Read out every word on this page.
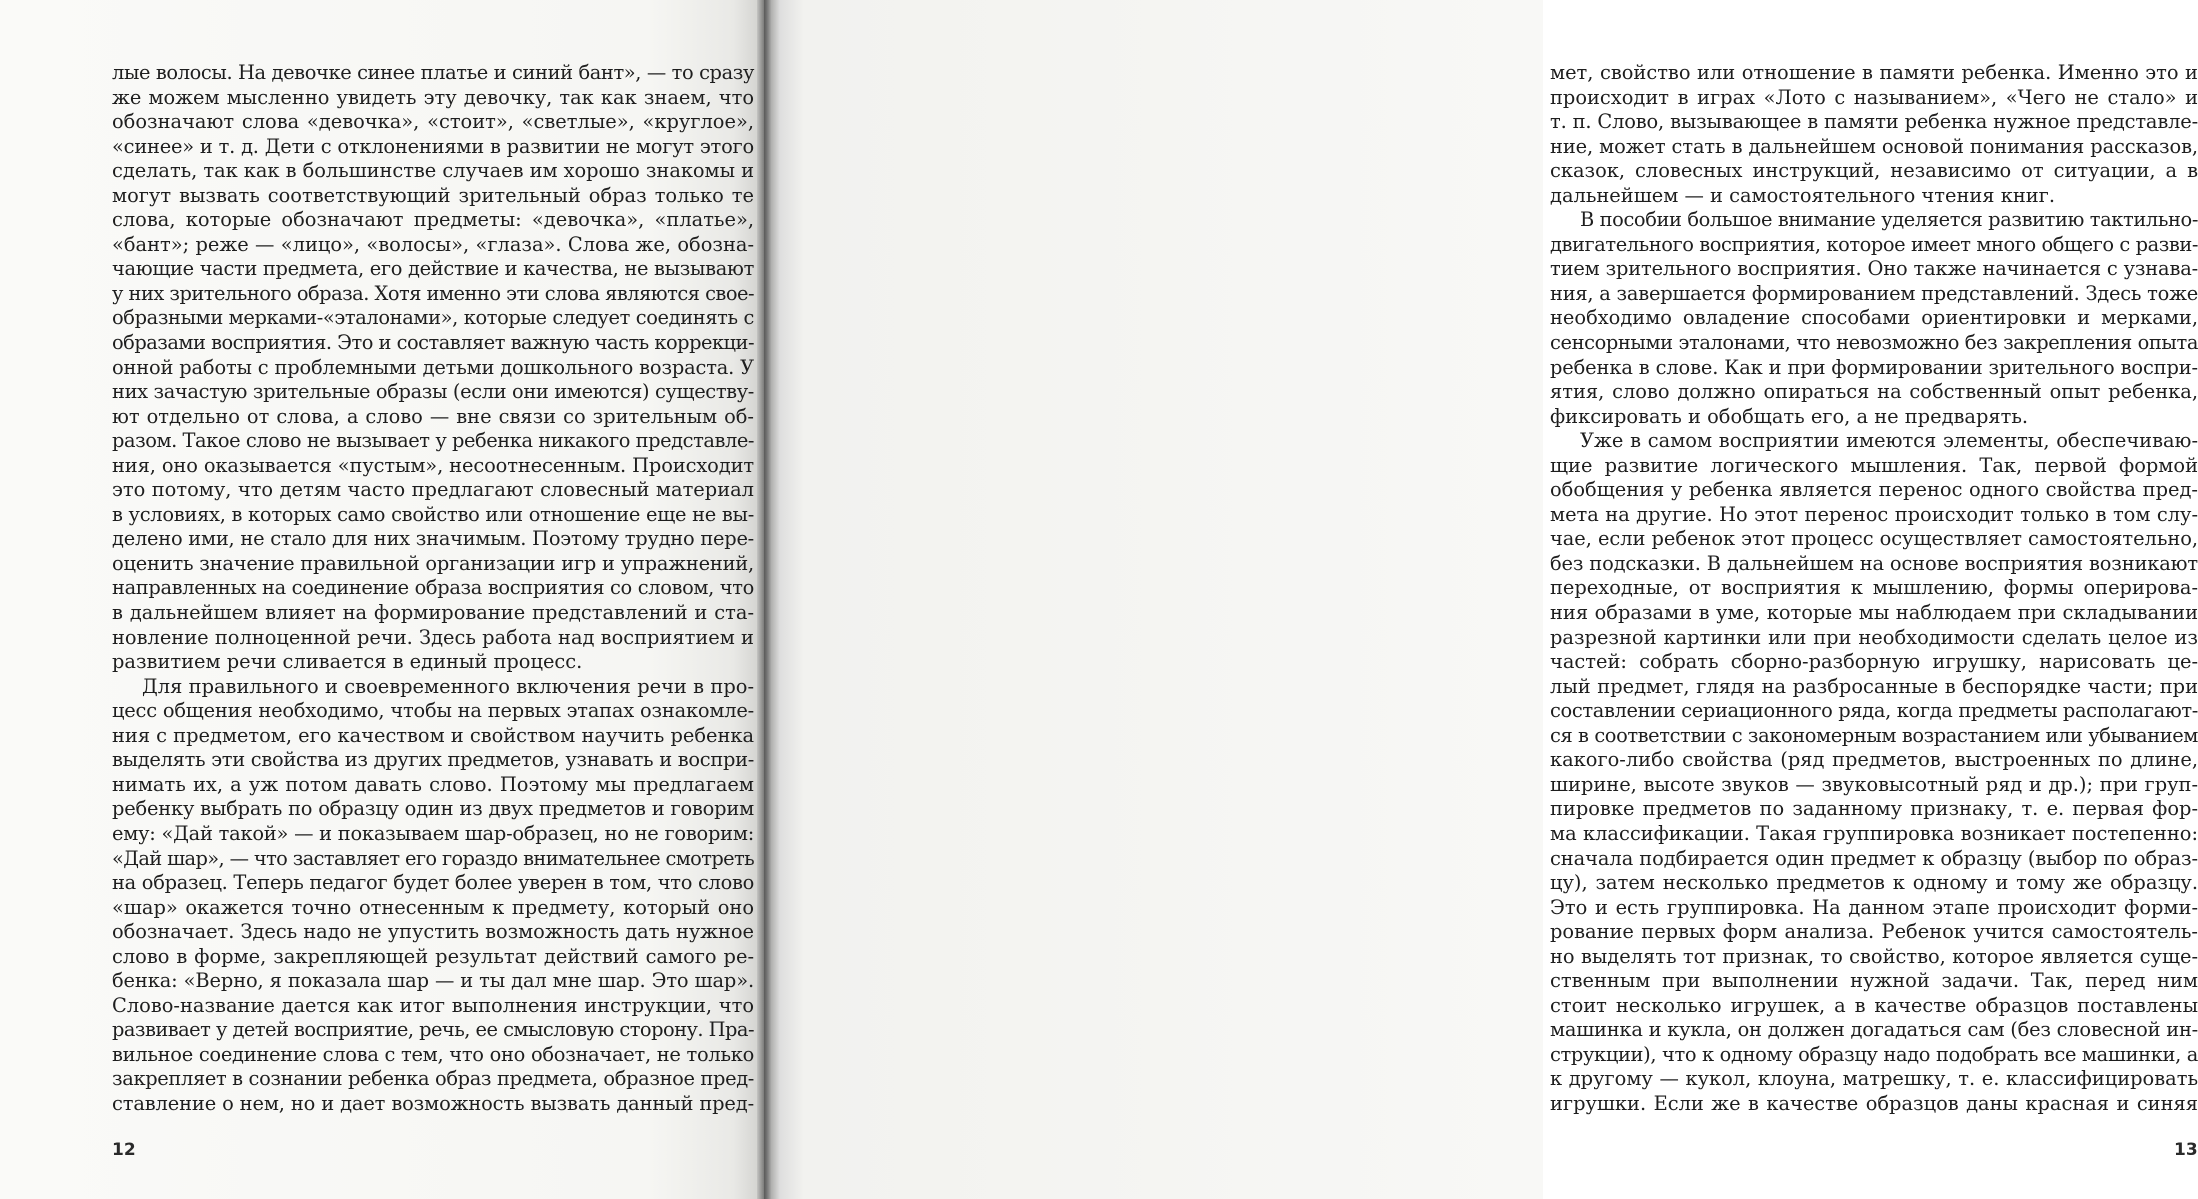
лые волосы. На девочке синее платье и синий бант», — то сразу
же можем мысленно увидеть эту девочку, так как знаем, что
обозначают слова «девочка», «стоит», «светлые», «круглое»,
«синее» и т. д. Дети с отклонениями в развитии не могут этого
сделать, так как в большинстве случаев им хорошо знакомы и
могут вызвать соответствующий зрительный образ только те
слова, которые обозначают предметы: «девочка», «платье»,
«бант»; реже — «лицо», «волосы», «глаза». Слова же, обозна-
чающие части предмета, его действие и качества, не вызывают
у них зрительного образа. Хотя именно эти слова являются свое-
образными мерками-«эталонами», которые следует соединять с
образами восприятия. Это и составляет важную часть коррекци-
онной работы с проблемными детьми дошкольного возраста. У
них зачастую зрительные образы (если они имеются) существу-
ют отдельно от слова, а слово — вне связи со зрительным об-
разом. Такое слово не вызывает у ребенка никакого представле-
ния, оно оказывается «пустым», несоотнесенным. Происходит
это потому, что детям часто предлагают словесный материал
в условиях, в которых само свойство или отношение еще не вы-
делено ими, не стало для них значимым. Поэтому трудно пере-
оценить значение правильной организации игр и упражнений,
направленных на соединение образа восприятия со словом, что
в дальнейшем влияет на формирование представлений и ста-
новление полноценной речи. Здесь работа над восприятием и
развитием речи сливается в единый процесс.
Для правильного и своевременного включения речи в про-
цесс общения необходимо, чтобы на первых этапах ознакомле-
ния с предметом, его качеством и свойством научить ребенка
выделять эти свойства из других предметов, узнавать и воспри-
нимать их, а уж потом давать слово. Поэтому мы предлагаем
ребенку выбрать по образцу один из двух предметов и говорим
ему: «Дай такой» — и показываем шар-образец, но не говорим:
«Дай шар», — что заставляет его гораздо внимательнее смотреть
на образец. Теперь педагог будет более уверен в том, что слово
«шар» окажется точно отнесенным к предмету, который оно
обозначает. Здесь надо не упустить возможность дать нужное
слово в форме, закрепляющей результат действий самого ре-
бенка: «Верно, я показала шар — и ты дал мне шар. Это шар».
Слово-название дается как итог выполнения инструкции, что
развивает у детей восприятие, речь, ее смысловую сторону. Пра-
вильное соединение слова с тем, что оно обозначает, не только
закрепляет в сознании ребенка образ предмета, образное пред-
ставление о нем, но и дает возможность вызвать данный пред-
12
мет, свойство или отношение в памяти ребенка. Именно это и
происходит в играх «Лото с называнием», «Чего не стало» и
т. п. Слово, вызывающее в памяти ребенка нужное представле-
ние, может стать в дальнейшем основой понимания рассказов,
сказок, словесных инструкций, независимо от ситуации, а в
дальнейшем — и самостоятельного чтения книг.
В пособии большое внимание уделяется развитию тактильно-
двигательного восприятия, которое имеет много общего с разви-
тием зрительного восприятия. Оно также начинается с узнава-
ния, а завершается формированием представлений. Здесь тоже
необходимо овладение способами ориентировки и мерками,
сенсорными эталонами, что невозможно без закрепления опыта
ребенка в слове. Как и при формировании зрительного воспри-
ятия, слово должно опираться на собственный опыт ребенка,
фиксировать и обобщать его, а не предварять.
Уже в самом восприятии имеются элементы, обеспечиваю-
щие развитие логического мышления. Так, первой формой
обобщения у ребенка является перенос одного свойства пред-
мета на другие. Но этот перенос происходит только в том слу-
чае, если ребенок этот процесс осуществляет самостоятельно,
без подсказки. В дальнейшем на основе восприятия возникают
переходные, от восприятия к мышлению, формы оперирова-
ния образами в уме, которые мы наблюдаем при складывании
разрезной картинки или при необходимости сделать целое из
частей: собрать сборно-разборную игрушку, нарисовать це-
лый предмет, глядя на разбросанные в беспорядке части; при
составлении сериационного ряда, когда предметы располагают-
ся в соответствии с закономерным возрастанием или убыванием
какого-либо свойства (ряд предметов, выстроенных по длине,
ширине, высоте звуков — звуковысотный ряд и др.); при груп-
пировке предметов по заданному признаку, т. е. первая фор-
ма классификации. Такая группировка возникает постепенно:
сначала подбирается один предмет к образцу (выбор по образ-
цу), затем несколько предметов к одному и тому же образцу.
Это и есть группировка. На данном этапе происходит форми-
рование первых форм анализа. Ребенок учится самостоятель-
но выделять тот признак, то свойство, которое является суще-
ственным при выполнении нужной задачи. Так, перед ним
стоит несколько игрушек, а в качестве образцов поставлены
машинка и кукла, он должен догадаться сам (без словесной ин-
струкции), что к одному образцу надо подобрать все машинки, а
к другому — кукол, клоуна, матрешку, т. е. классифицировать
игрушки. Если же в качестве образцов даны красная и синяя
13
